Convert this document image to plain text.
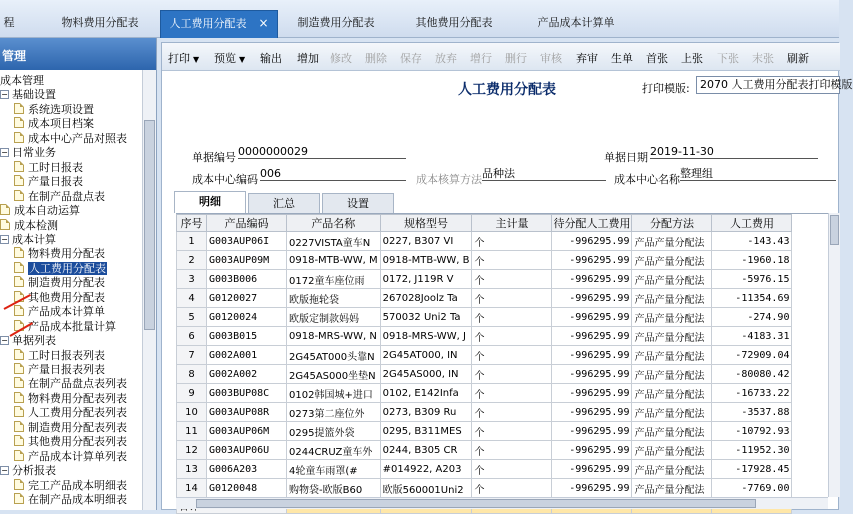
程	物料费用分配表	人工费用分配表 ×	制造费用分配表	其他费用分配表	产品成本计算单
管理
成本管理
− 基础设置
系统选项设置
成本项目档案
成本中心产品对照表
− 日常业务
工时日报表
产量日报表
在制产品盘点表
成本自动运算
成本检测
− 成本计算
物料费用分配表
人工费用分配表
制造费用分配表
其他费用分配表
产品成本计算单
产品成本批量计算
− 单据列表
工时日报表列表
产量日报表列表
在制产品盘点表列表
物料费用分配表列表
人工费用分配表列表
制造费用分配表列表
其他费用分配表列表
产品成本计算单列表
− 分析报表
完工产品成本明细表
在制产品成本明细表
打印 ▼ 预览 ▼ 输出 增加 修改 删除 保存 放弃 增行 删行 审核 弃审 生单 首张 上张 下张 末张 刷新
人工费用分配表	打印模版: 2070 人工费用分配表打印模版
单据编号 0000000029	单据日期 2019-11-30
成本中心编码 006	成本核算方法 品种法	成本中心名称 整理组
明细	汇总	设置
序号	产品编码	产品名称	规格型号	主计量	待分配人工费用	分配方法	人工费用
1	G003AUP06I	0227VISTA童车N	0227, B307 VI	个	-996295.99	产品产量分配法	-143.43
2	G003AUP09M	0918-MTB-WW, M	0918-MTB-WW, B	个	-996295.99	产品产量分配法	-1960.18
3	G003B006	0172童车座位雨	0172, J119R V	个	-996295.99	产品产量分配法	-5976.15
4	G0120027	欧版拖轮袋	267028Joolz Ta	个	-996295.99	产品产量分配法	-11354.69
5	G0120024	欧版定制款妈妈	570032 Uni2 Ta	个	-996295.99	产品产量分配法	-274.90
6	G003B015	0918-MRS-WW, N	0918-MRS-WW, J	个	-996295.99	产品产量分配法	-4183.31
7	G002A001	2G45AT000头靠N	2G45AT000, IN	个	-996295.99	产品产量分配法	-72909.04
8	G002A002	2G45AS000坐垫N	2G45AS000, IN	个	-996295.99	产品产量分配法	-80080.42
9	G003BUP08C	0102韩国城+进口	0102, E142Infa	个	-996295.99	产品产量分配法	-16733.22
10	G003AUP08R	0273第二座位外	0273, B309 Ru	个	-996295.99	产品产量分配法	-3537.88
11	G003AUP06M	0295提篮外袋	0295, B311MES	个	-996295.99	产品产量分配法	-10792.93
12	G003AUP06U	0244CRUZ童车外	0244, B305 CR	个	-996295.99	产品产量分配法	-11952.30
13	G006A203	4轮童车雨罩(#	#014922, A203	个	-996295.99	产品产量分配法	-17928.45
14	G0120048	购物袋-欧版B60	欧版560001Uni2	个	-996295.99	产品产量分配法	-7769.00
